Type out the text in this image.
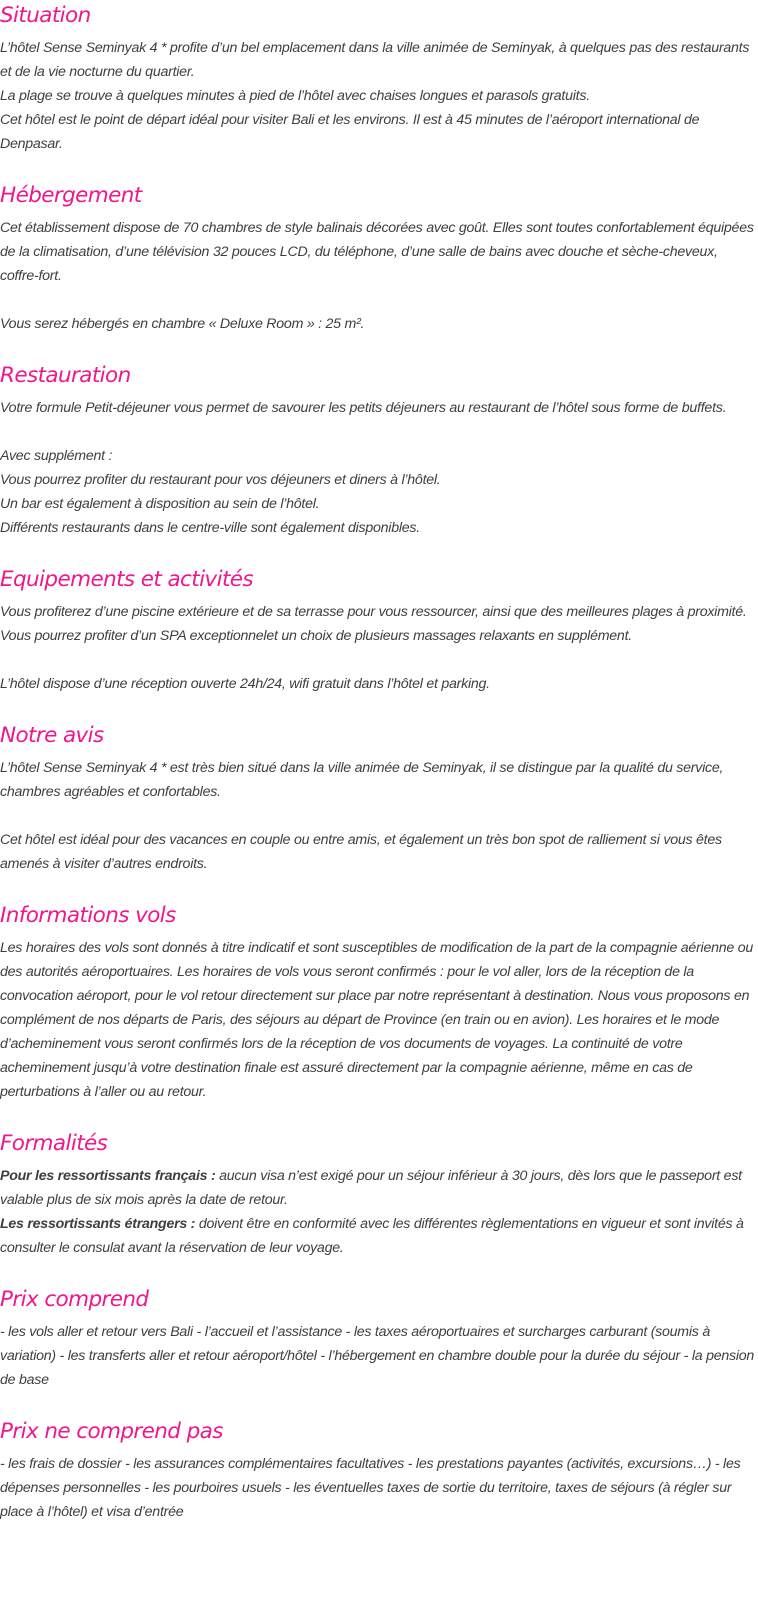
Situation

L’hôtel Sense Seminyak 4 * profite d’un bel emplacement dans la ville animée de Seminyak, à quelques pas des restaurants et de la vie nocturne du quartier.

La plage se trouve à quelques minutes à pied de l’hôtel avec chaises longues et parasols gratuits.

Cet hôtel est le point de départ idéal pour visiter Bali et les environs. Il est à 45 minutes de l’aéroport international de Denpasar.

Hébergement

Cet établissement dispose de 70 chambres de style balinais décorées avec goût. Elles sont toutes confortablement équipées de la climatisation, d’une télévision 32 pouces LCD, du téléphone, d’une salle de bains avec douche et sèche-cheveux, coffre-fort.

Vous serez hébergés en chambre « Deluxe Room » : 25 m².

Restauration

Votre formule Petit-déjeuner vous permet de savourer les petits déjeuners au restaurant de l’hôtel sous forme de buffets.

Avec supplément :

Vous pourrez profiter du restaurant pour vos déjeuners et diners à l’hôtel.

Un bar est également à disposition au sein de l’hôtel.

Différents restaurants dans le centre-ville sont également disponibles.

Equipements et activités

Vous profiterez d’une piscine extérieure et de sa terrasse pour vous ressourcer, ainsi que des meilleures plages à proximité. Vous pourrez profiter d’un SPA exceptionnelet un choix de plusieurs massages relaxants en supplément.

L’hôtel dispose d’une réception ouverte 24h/24, wifi gratuit dans l’hôtel et parking.

Notre avis

L’hôtel Sense Seminyak 4 * est très bien situé dans la ville animée de Seminyak, il se distingue par la qualité du service, chambres agréables et confortables.

Cet hôtel est idéal pour des vacances en couple ou entre amis, et également un très bon spot de ralliement si vous êtes amenés à visiter d’autres endroits.

Informations vols

Les horaires des vols sont donnés à titre indicatif et sont susceptibles de modification de la part de la compagnie aérienne ou des autorités aéroportuaires. Les horaires de vols vous seront confirmés : pour le vol aller, lors de la réception de la convocation aéroport, pour le vol retour directement sur place par notre représentant à destination. Nous vous proposons en complément de nos départs de Paris, des séjours au départ de Province (en train ou en avion). Les horaires et le mode d’acheminement vous seront confirmés lors de la réception de vos documents de voyages. La continuité de votre acheminement jusqu’à votre destination finale est assuré directement par la compagnie aérienne, même en cas de perturbations à l’aller ou au retour.

Formalités

Pour les ressortissants français : aucun visa n’est exigé pour un séjour inférieur à 30 jours, dès lors que le passeport est valable plus de six mois après la date de retour.

Les ressortissants étrangers : doivent être en conformité avec les différentes règlementations en vigueur et sont invités à consulter le consulat avant la réservation de leur voyage.

Prix comprend

- les vols aller et retour vers Bali - l’accueil et l’assistance - les taxes aéroportuaires et surcharges carburant (soumis à variation) - les transferts aller et retour aéroport/hôtel - l’hébergement en chambre double pour la durée du séjour - la pension de base

Prix ne comprend pas

- les frais de dossier - les assurances complémentaires facultatives - les prestations payantes (activités, excursions…) - les dépenses personnelles - les pourboires usuels - les éventuelles taxes de sortie du territoire, taxes de séjours (à régler sur place à l’hôtel) et visa d’entrée
